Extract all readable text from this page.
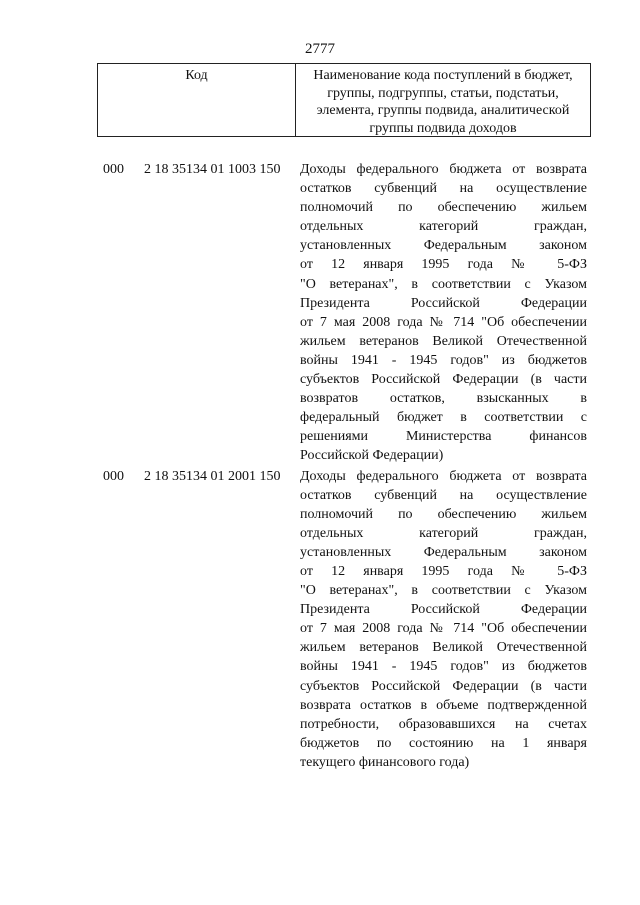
2777
Код	Наименование кода поступлений в бюджет, группы, подгруппы, статьи, подстатьи, элемента, группы подвида, аналитической группы подвида доходов
000 2 18 35134 01 1003 150 Доходы федерального бюджета от возврата
остатков субвенций на осуществление
полномочий по обеспечению жильем
отдельных категорий граждан,
установленных Федеральным законом
от 12 января 1995 года № 5-ФЗ
"О ветеранах", в соответствии с Указом
Президента Российской Федерации
от 7 мая 2008 года № 714 "Об обеспечении
жильем ветеранов Великой Отечественной
войны 1941 - 1945 годов" из бюджетов
субъектов Российской Федерации (в части
возвратов остатков, взысканных в
федеральный бюджет в соответствии с
решениями Министерства финансов
Российской Федерации)
000 2 18 35134 01 2001 150 Доходы федерального бюджета от возврата
остатков субвенций на осуществление
полномочий по обеспечению жильем
отдельных категорий граждан,
установленных Федеральным законом
от 12 января 1995 года № 5-ФЗ
"О ветеранах", в соответствии с Указом
Президента Российской Федерации
от 7 мая 2008 года № 714 "Об обеспечении
жильем ветеранов Великой Отечественной
войны 1941 - 1945 годов" из бюджетов
субъектов Российской Федерации (в части
возврата остатков в объеме подтвержденной
потребности, образовавшихся на счетах
бюджетов по состоянию на 1 января
текущего финансового года)
